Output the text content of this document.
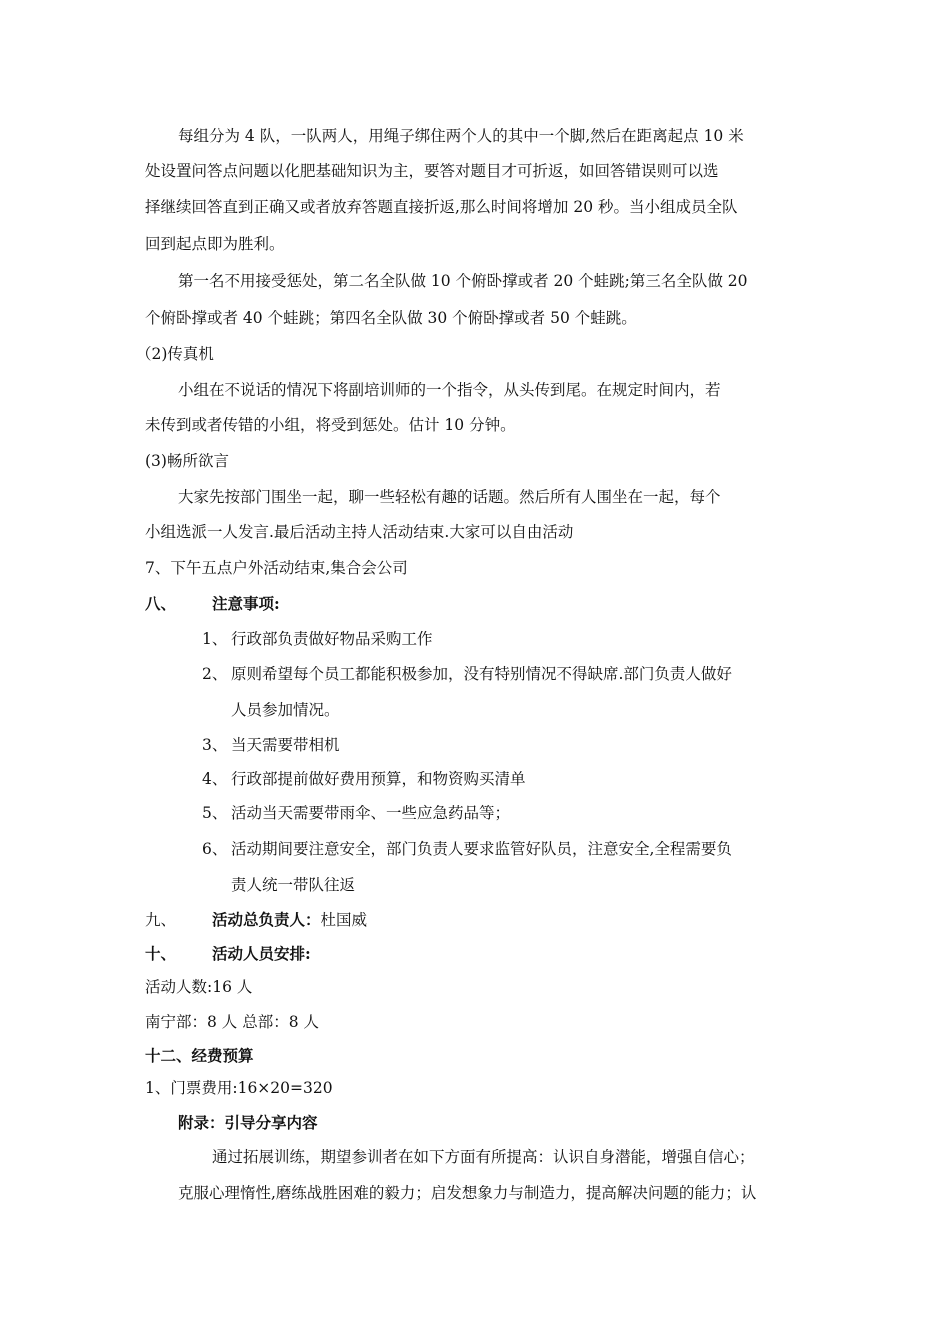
每组分为 4 队，一队两人，用绳子绑住两个人的其中一个脚,然后在距离起点 10 米
处设置问答点问题以化肥基础知识为主，要答对题目才可折返，如回答错误则可以选
择继续回答直到正确又或者放弃答题直接折返,那么时间将增加 20 秒。当小组成员全队
回到起点即为胜利。
第一名不用接受惩处，第二名全队做 10 个俯卧撑或者 20 个蛙跳;第三名全队做 20
个俯卧撑或者 40 个蛙跳；第四名全队做 30 个俯卧撑或者 50 个蛙跳。
（2)传真机
小组在不说话的情况下将副培训师的一个指令，从头传到尾。在规定时间内，若
未传到或者传错的小组，将受到惩处。估计 10 分钟。
(3)畅所欲言
大家先按部门围坐一起，聊一些轻松有趣的话题。然后所有人围坐在一起，每个
小组选派一人发言.最后活动主持人活动结束.大家可以自由活动
7、下午五点户外活动结束,集合会公司
八、 注意事项:
1、 行政部负责做好物品采购工作
2、 原则希望每个员工都能积极参加，没有特别情况不得缺席.部门负责人做好
人员参加情况。
3、 当天需要带相机
4、 行政部提前做好费用预算，和物资购买清单
5、 活动当天需要带雨伞、一些应急药品等；
6、 活动期间要注意安全，部门负责人要求监管好队员，注意安全,全程需要负
责人统一带队往返
九、 活动总负责人：杜国威
十、 活动人员安排:
活动人数:16 人
南宁部：8 人 总部：8 人
十二、经费预算
1、门票费用:16×20=320
附录：引导分享内容
通过拓展训练，期望参训者在如下方面有所提高：认识自身潜能，增强自信心；
克服心理惰性,磨练战胜困难的毅力；启发想象力与制造力，提高解决问题的能力；认
